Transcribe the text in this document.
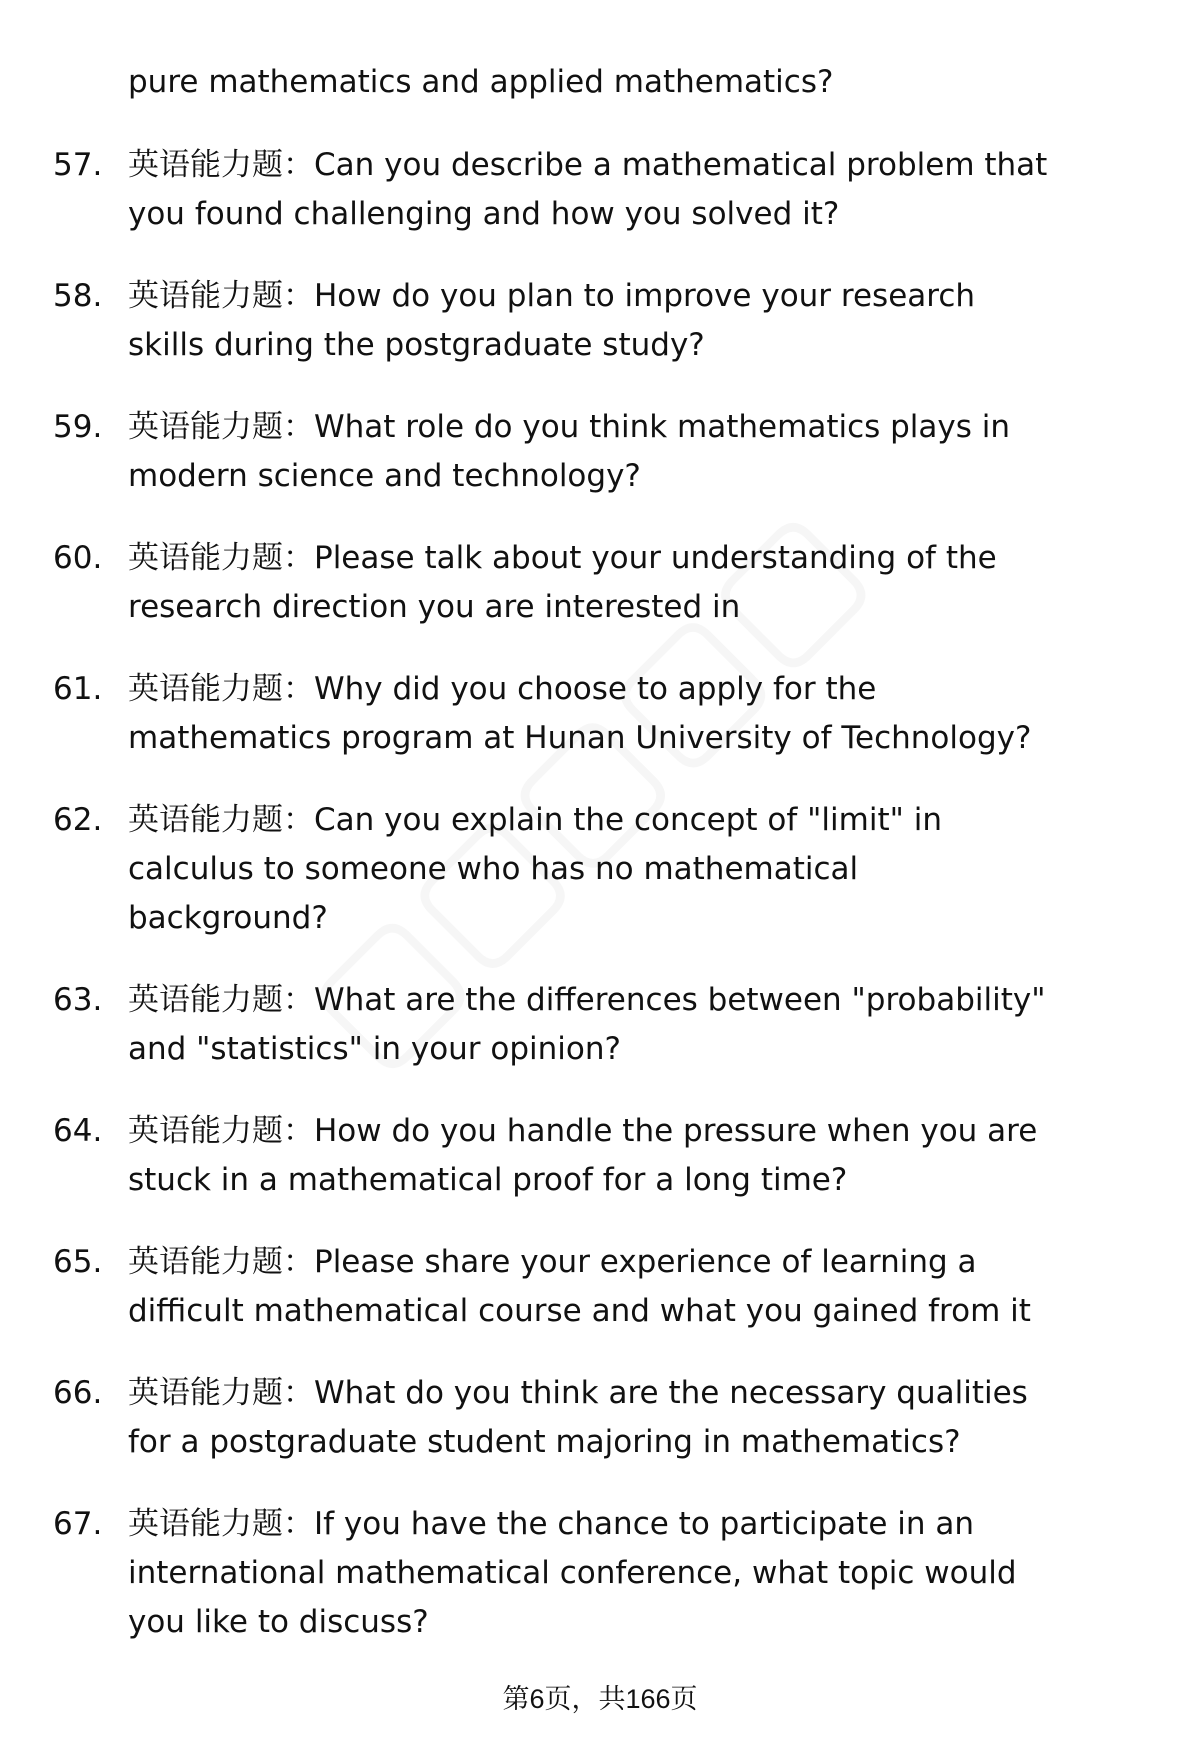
pure mathematics and applied mathematics?
57. 英语能力题：Can you describe a mathematical problem that
you found challenging and how you solved it?
58. 英语能力题：How do you plan to improve your research
skills during the postgraduate study?
59. 英语能力题：What role do you think mathematics plays in
modern science and technology?
60. 英语能力题：Please talk about your understanding of the
research direction you are interested in
61. 英语能力题：Why did you choose to apply for the
mathematics program at Hunan University of Technology?
62. 英语能力题：Can you explain the concept of "limit" in
calculus to someone who has no mathematical
background?
63. 英语能力题：What are the differences between "probability"
and "statistics" in your opinion?
64. 英语能力题：How do you handle the pressure when you are
stuck in a mathematical proof for a long time?
65. 英语能力题：Please share your experience of learning a
difficult mathematical course and what you gained from it
66. 英语能力题：What do you think are the necessary qualities
for a postgraduate student majoring in mathematics?
67. 英语能力题：If you have the chance to participate in an
international mathematical conference, what topic would
you like to discuss?
第6页，共166页
